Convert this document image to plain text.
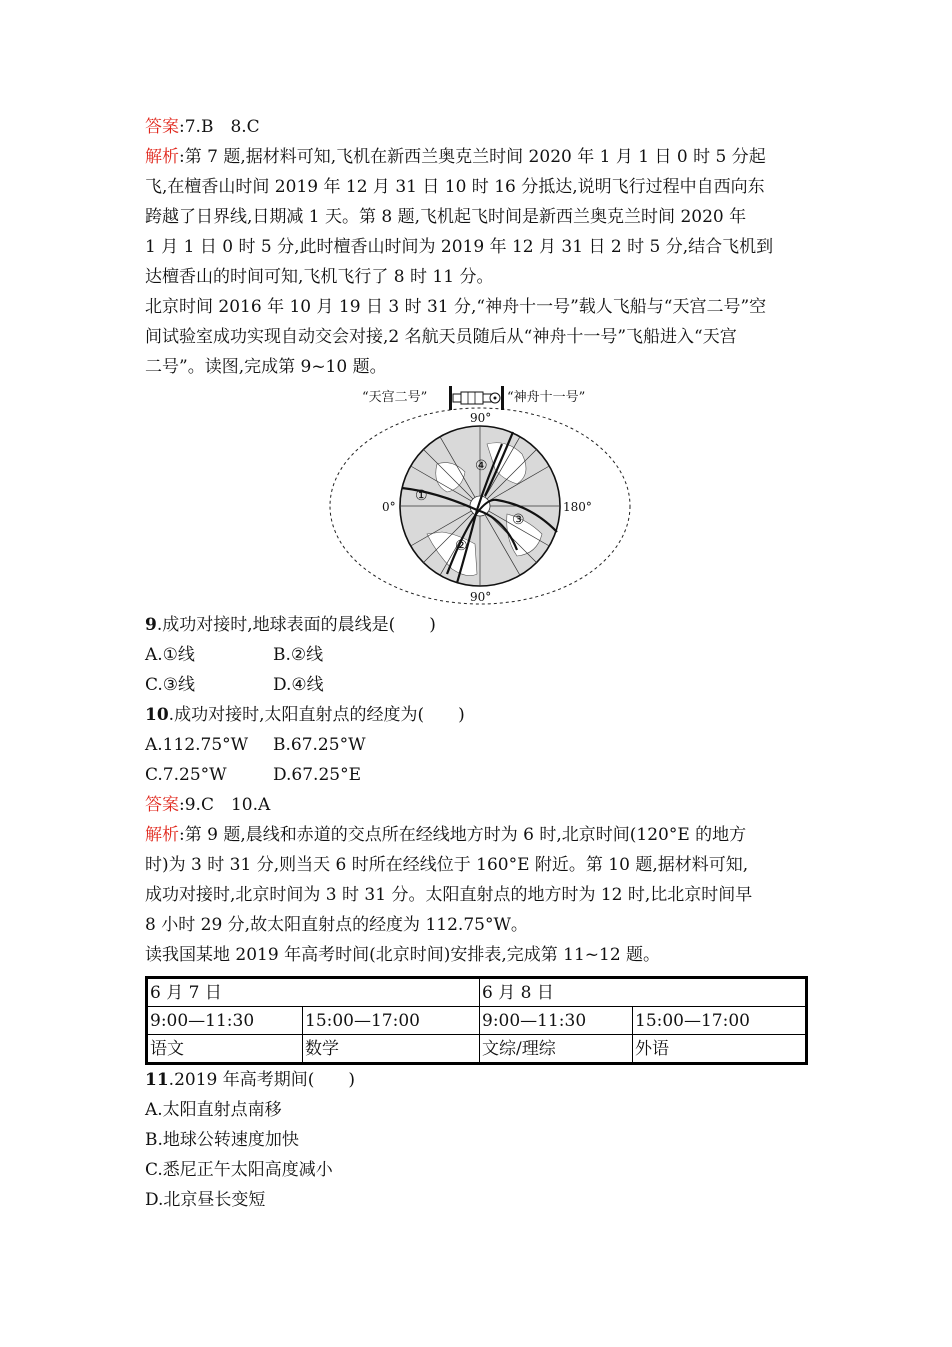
答案:7.B　8.C
解析:第 7 题,据材料可知,飞机在新西兰奥克兰时间 2020 年 1 月 1 日 0 时 5 分起
飞,在檀香山时间 2019 年 12 月 31 日 10 时 16 分抵达,说明飞行过程中自西向东
跨越了日界线,日期减 1 天。第 8 题,飞机起飞时间是新西兰奥克兰时间 2020 年
1 月 1 日 0 时 5 分,此时檀香山时间为 2019 年 12 月 31 日 2 时 5 分,结合飞机到
达檀香山的时间可知,飞机飞行了 8 时 11 分。
北京时间 2016 年 10 月 19 日 3 时 31 分,“神舟十一号”载人飞船与“天宫二号”空
间试验室成功实现自动交会对接,2 名航天员随后从“神舟十一号”飞船进入“天宫
二号”。读图,完成第 9~10 题。
“天宫二号”	“神舟十一号”
90°
90°
0°	180°
①
②
③
④
9.成功对接时,地球表面的晨线是(　　)
A.①线	B.②线
C.③线	D.④线
10.成功对接时,太阳直射点的经度为(　　)
A.112.75°W	B.67.25°W
C.7.25°W	D.67.25°E
答案:9.C　10.A
解析:第 9 题,晨线和赤道的交点所在经线地方时为 6 时,北京时间(120°E 的地方
时)为 3 时 31 分,则当天 6 时所在经线位于 160°E 附近。第 10 题,据材料可知,
成功对接时,北京时间为 3 时 31 分。太阳直射点的地方时为 12 时,比北京时间早
8 小时 29 分,故太阳直射点的经度为 112.75°W。
读我国某地 2019 年高考时间(北京时间)安排表,完成第 11~12 题。
6 月 7 日		6 月 8 日	
9:00—11:30	15:00—17:00	9:00—11:30	15:00—17:00
语文	数学	文综/理综	外语
11.2019 年高考期间(　　)
A.太阳直射点南移
B.地球公转速度加快
C.悉尼正午太阳高度减小
D.北京昼长变短
